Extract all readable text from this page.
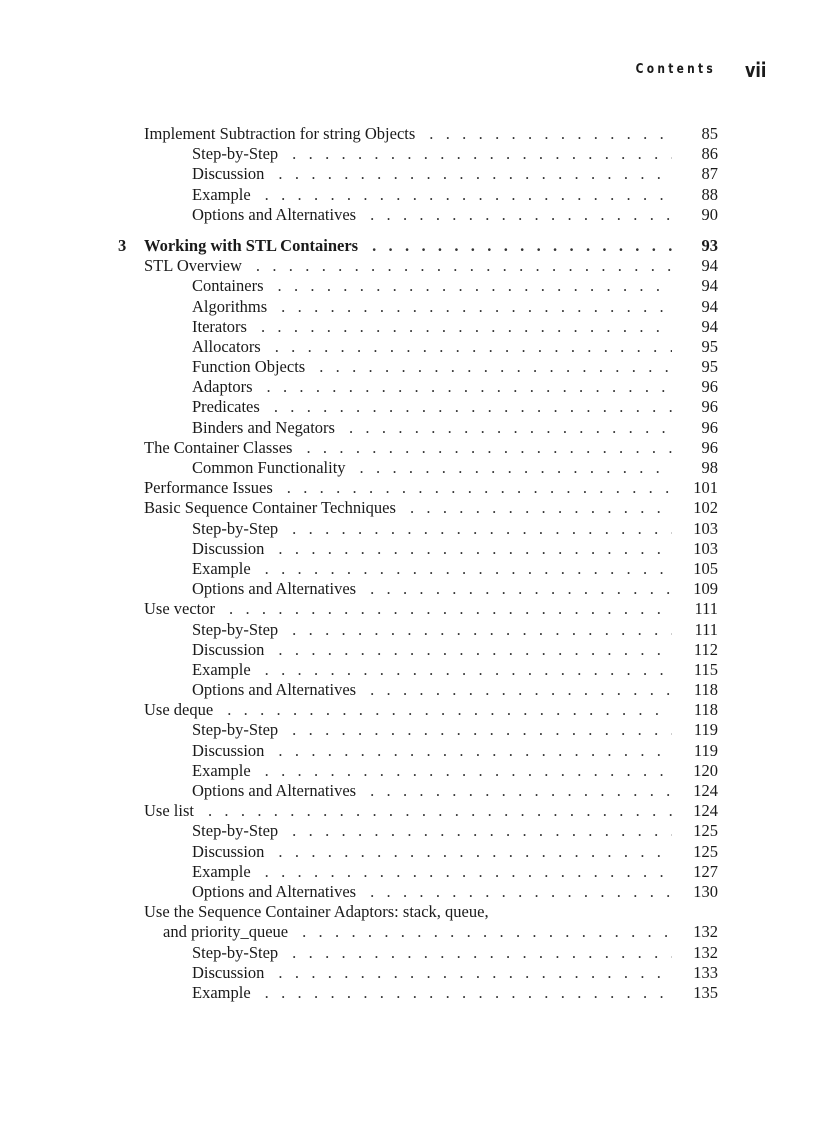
Contents vii
Implement Subtraction for string Objects . . .	85
Step-by-Step . . .	86
Discussion . . .	87
Example . . .	88
Options and Alternatives . . .	90
3 Working with STL Containers . . .	93
STL Overview . . .	94
Containers . . .	94
Algorithms . . .	94
Iterators . . .	94
Allocators . . .	95
Function Objects . . .	95
Adaptors . . .	96
Predicates . . .	96
Binders and Negators . . .	96
The Container Classes . . .	96
Common Functionality . . .	98
Performance Issues . . .	101
Basic Sequence Container Techniques . . .	102
Step-by-Step . . .	103
Discussion . . .	103
Example . . .	105
Options and Alternatives . . .	109
Use vector . . .	111
Step-by-Step . . .	111
Discussion . . .	112
Example . . .	115
Options and Alternatives . . .	118
Use deque . . .	118
Step-by-Step . . .	119
Discussion . . .	119
Example . . .	120
Options and Alternatives . . .	124
Use list . . .	124
Step-by-Step . . .	125
Discussion . . .	125
Example . . .	127
Options and Alternatives . . .	130
Use the Sequence Container Adaptors: stack, queue,
and priority_queue . . .	132
Step-by-Step . . .	132
Discussion . . .	133
Example . . .	135
